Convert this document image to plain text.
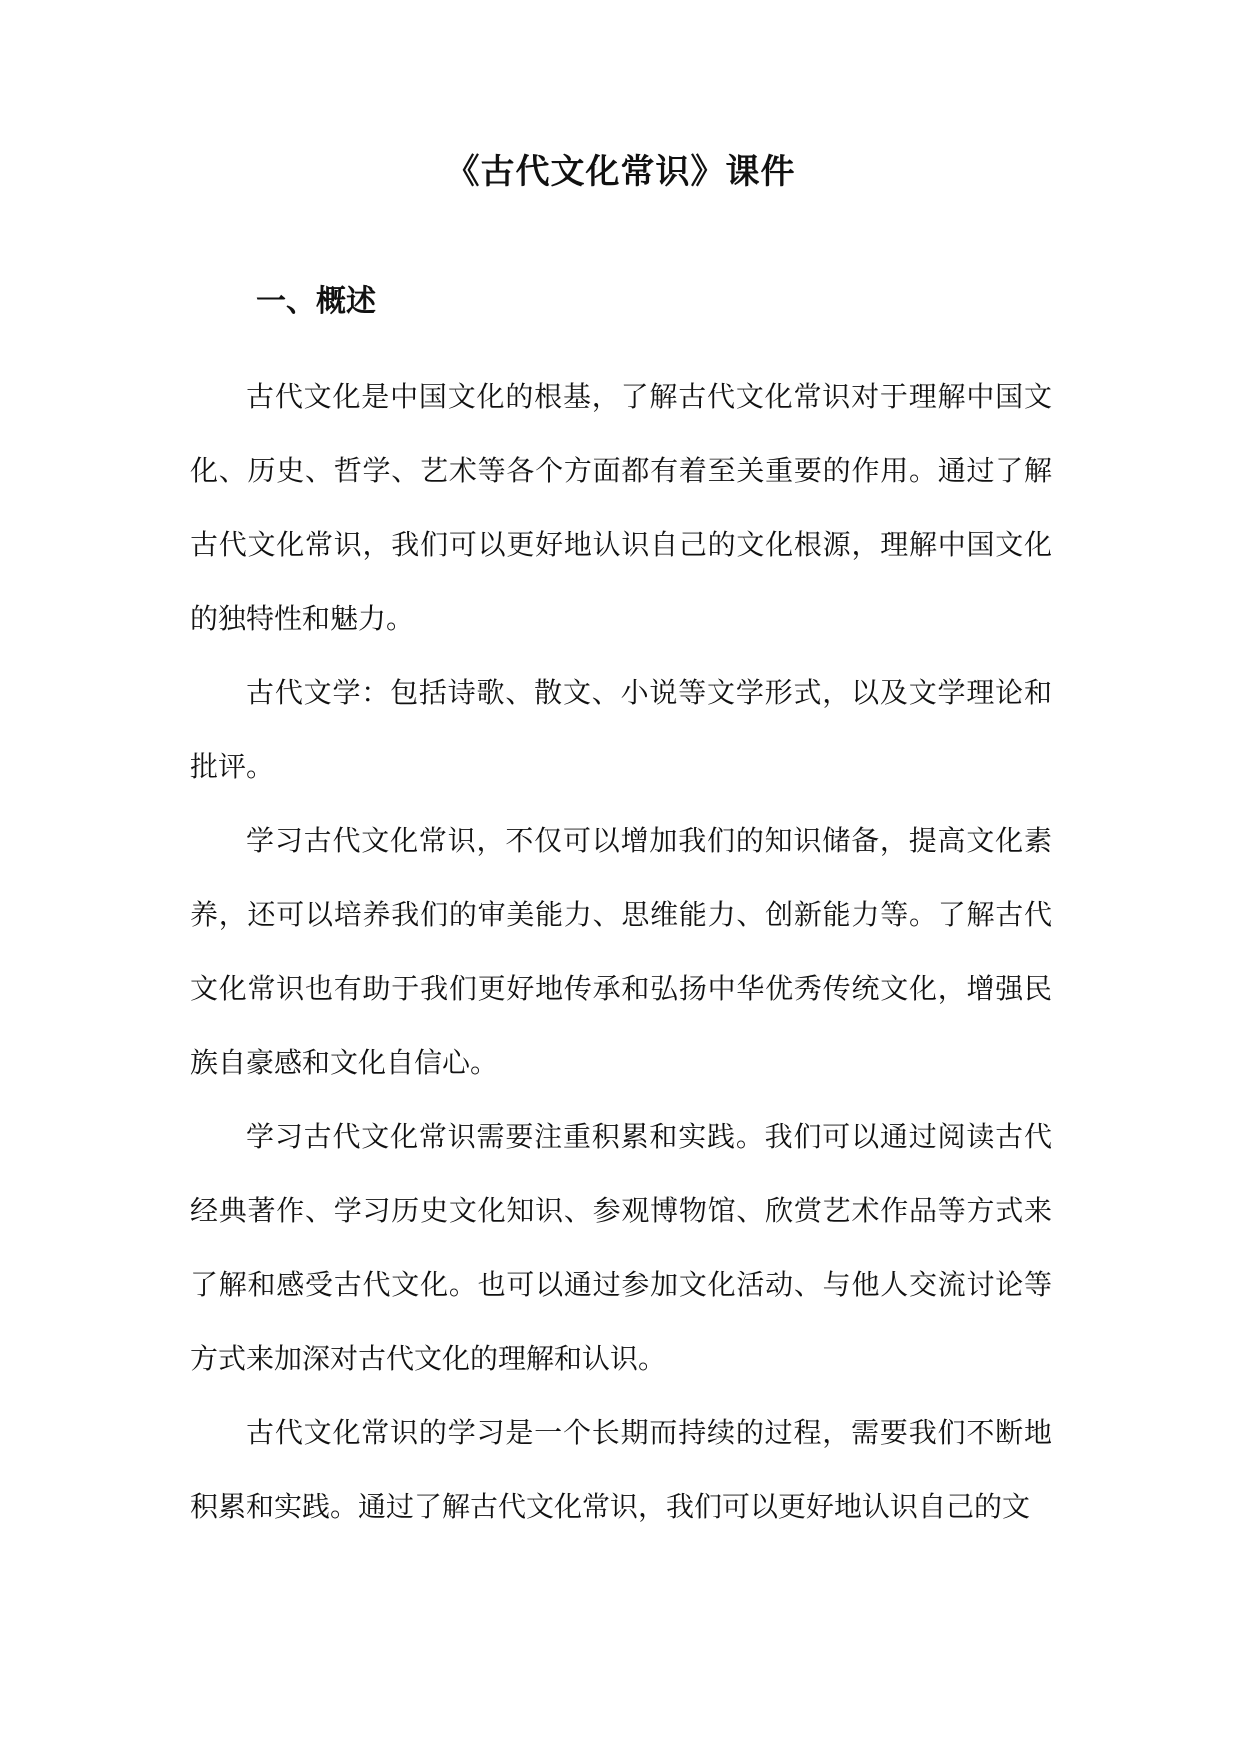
《古代文化常识》课件
一、概述

古代文化是中国文化的根基，了解古代文化常识对于理解中国文化、历史、哲学、艺术等各个方面都有着至关重要的作用。通过了解古代文化常识，我们可以更好地认识自己的文化根源，理解中国文化的独特性和魅力。

古代文学：包括诗歌、散文、小说等文学形式，以及文学理论和批评。

学习古代文化常识，不仅可以增加我们的知识储备，提高文化素养，还可以培养我们的审美能力、思维能力、创新能力等。了解古代文化常识也有助于我们更好地传承和弘扬中华优秀传统文化，增强民族自豪感和文化自信心。

学习古代文化常识需要注重积累和实践。我们可以通过阅读古代经典著作、学习历史文化知识、参观博物馆、欣赏艺术作品等方式来了解和感受古代文化。也可以通过参加文化活动、与他人交流讨论等方式来加深对古代文化的理解和认识。

古代文化常识的学习是一个长期而持续的过程，需要我们不断地积累和实践。通过了解古代文化常识，我们可以更好地认识自己的文
